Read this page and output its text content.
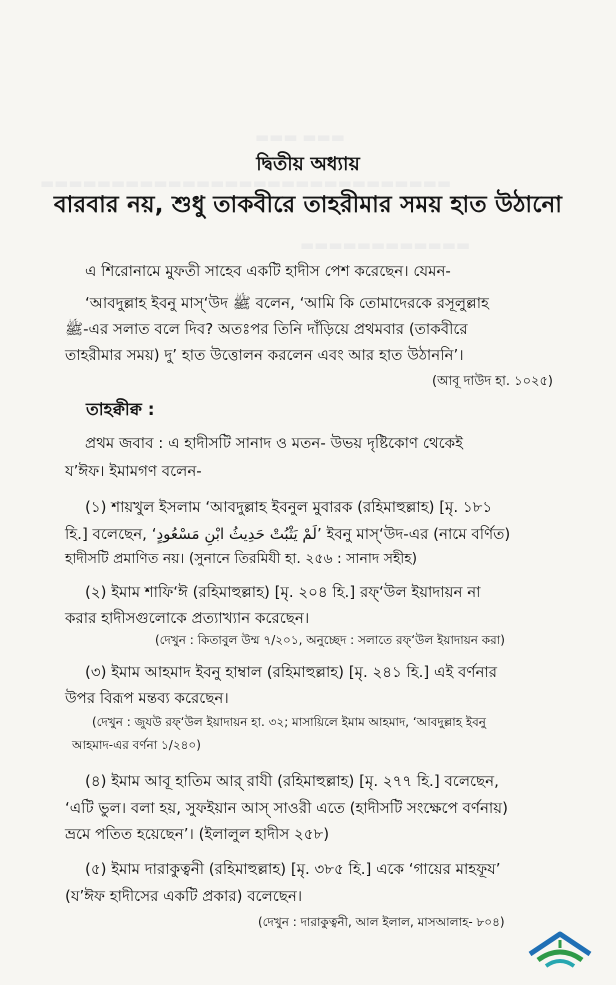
▬▬▬ ▬▬▬
▬▬▬▬▬▬▬▬▬▬▬▬▬▬▬▬▬▬▬▬▬▬▬▬▬▬▬▬▬
▬▬▬▬▬▬▬▬▬▬▬▬
দ্বিতীয় অধ্যায়
বারবার নয়, শুধু তাকবীরে তাহরীমার সময় হাত উঠানো
এ শিরোনামে মুফতী সাহেব একটি হাদীস পেশ করেছেন। যেমন-
‘আবদুল্লাহ ইবনু মাস্‘উদ ﷺ বলেন, ‘আমি কি তোমাদেরকে রসূলুল্লাহ
ﷺ-এর সলাত বলে দিব? অতঃপর তিনি দাঁড়িয়ে প্রথমবার (তাকবীরে
তাহরীমার সময়) দু’ হাত উত্তোলন করলেন এবং আর হাত উঠাননি’।
(আবূ দাউদ হা. ১০২৫)
তাহক্বীক্ব :
প্রথম জবাব : এ হাদীসটি সানাদ ও মতন- উভয় দৃষ্টিকোণ থেকেই
য’ঈফ। ইমামগণ বলেন-
(১) শায়খুল ইসলাম ‘আবদুল্লাহ ইবনুল মুবারক (রহিমাহুল্লাহ) [মৃ. ১৮১
হি.] বলেছেন, ‘لَمْ يَثْبُتْ حَدِيثُ ابْنِ مَسْعُودٍ’ ইবনু মাস্‘উদ-এর (নামে বর্ণিত)
হাদীসটি প্রমাণিত নয়। (সুনানে তিরমিযী হা. ২৫৬ : সানাদ সহীহ)
(২) ইমাম শাফি‘ঈ (রহিমাহুল্লাহ) [মৃ. ২০৪ হি.] রফ্‘উল ইয়াদায়ন না
করার হাদীসগুলোকে প্রত্যাখ্যান করেছেন।
(দেখুন : কিতাবুল উম্ম ৭/২০১, অনুচ্ছেদ : সলাতে রফ্‘উল ইয়াদায়ন করা)
(৩) ইমাম আহমাদ ইবনু হাম্বাল (রহিমাহুল্লাহ) [মৃ. ২৪১ হি.] এই বর্ণনার
উপর বিরূপ মন্তব্য করেছেন।
(দেখুন : জুযউ রফ্‘উল ইয়াদায়ন হা. ৩২; মাসায়িলে ইমাম আহমাদ, ‘আবদুল্লাহ ইবনু
আহমাদ-এর বর্ণনা ১/২৪০)
(৪) ইমাম আবূ হাতিম আর্ রাযী (রহিমাহুল্লাহ) [মৃ. ২৭৭ হি.] বলেছেন,
‘এটি ভুল। বলা হয়, সুফইয়ান আস্ সাওরী এতে (হাদীসটি সংক্ষেপে বর্ণনায়)
ভ্রমে পতিত হয়েছেন’। (ইলালুল হাদীস ২৫৮)
(৫) ইমাম দারাকুত্বনী (রহিমাহুল্লাহ) [মৃ. ৩৮৫ হি.] একে ‘গায়ের মাহফূয’
(য’ঈফ হাদীসের একটি প্রকার) বলেছেন।
(দেখুন : দারাকুত্বনী, আল ইলাল, মাসআলাহ- ৮০৪)
